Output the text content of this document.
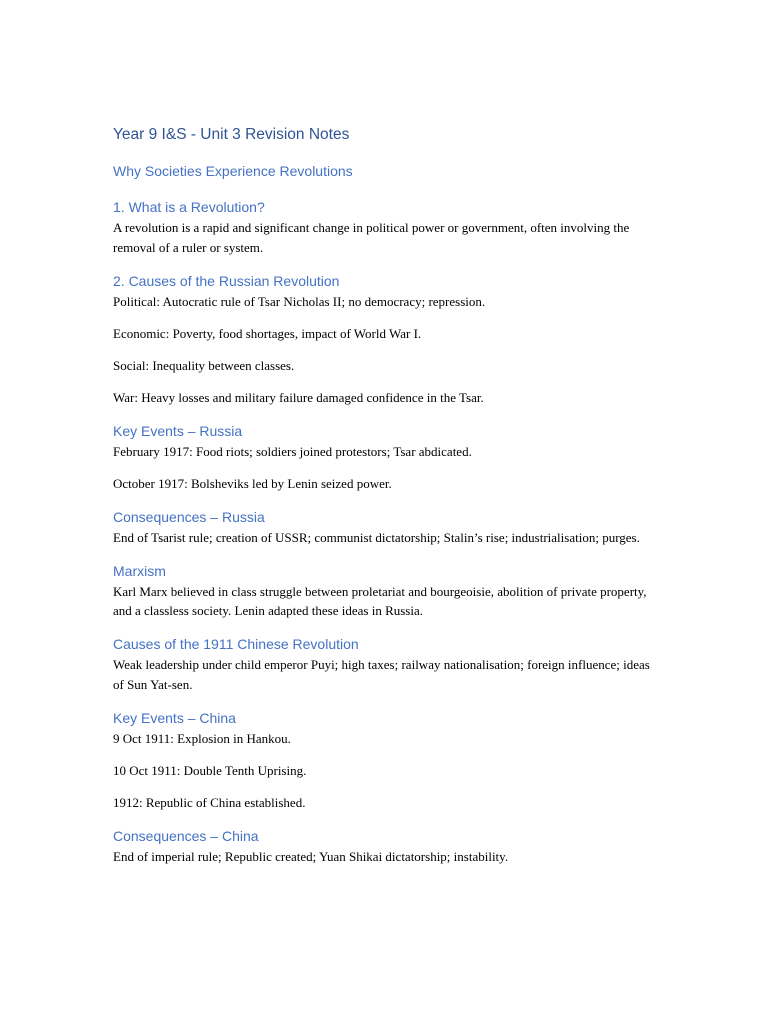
Year 9 I&S - Unit 3 Revision Notes
Why Societies Experience Revolutions
1. What is a Revolution?

A revolution is a rapid and significant change in political power or government, often involving the removal of a ruler or system.

2. Causes of the Russian Revolution

Political: Autocratic rule of Tsar Nicholas II; no democracy; repression.

Economic: Poverty, food shortages, impact of World War I.

Social: Inequality between classes.

War: Heavy losses and military failure damaged confidence in the Tsar.

Key Events – Russia

February 1917: Food riots; soldiers joined protestors; Tsar abdicated.

October 1917: Bolsheviks led by Lenin seized power.

Consequences – Russia

End of Tsarist rule; creation of USSR; communist dictatorship; Stalin’s rise; industrialisation; purges.

Marxism

Karl Marx believed in class struggle between proletariat and bourgeoisie, abolition of private property, and a classless society. Lenin adapted these ideas in Russia.

Causes of the 1911 Chinese Revolution

Weak leadership under child emperor Puyi; high taxes; railway nationalisation; foreign influence; ideas of Sun Yat-sen.

Key Events – China

9 Oct 1911: Explosion in Hankou.

10 Oct 1911: Double Tenth Uprising.

1912: Republic of China established.

Consequences – China

End of imperial rule; Republic created; Yuan Shikai dictatorship; instability.
